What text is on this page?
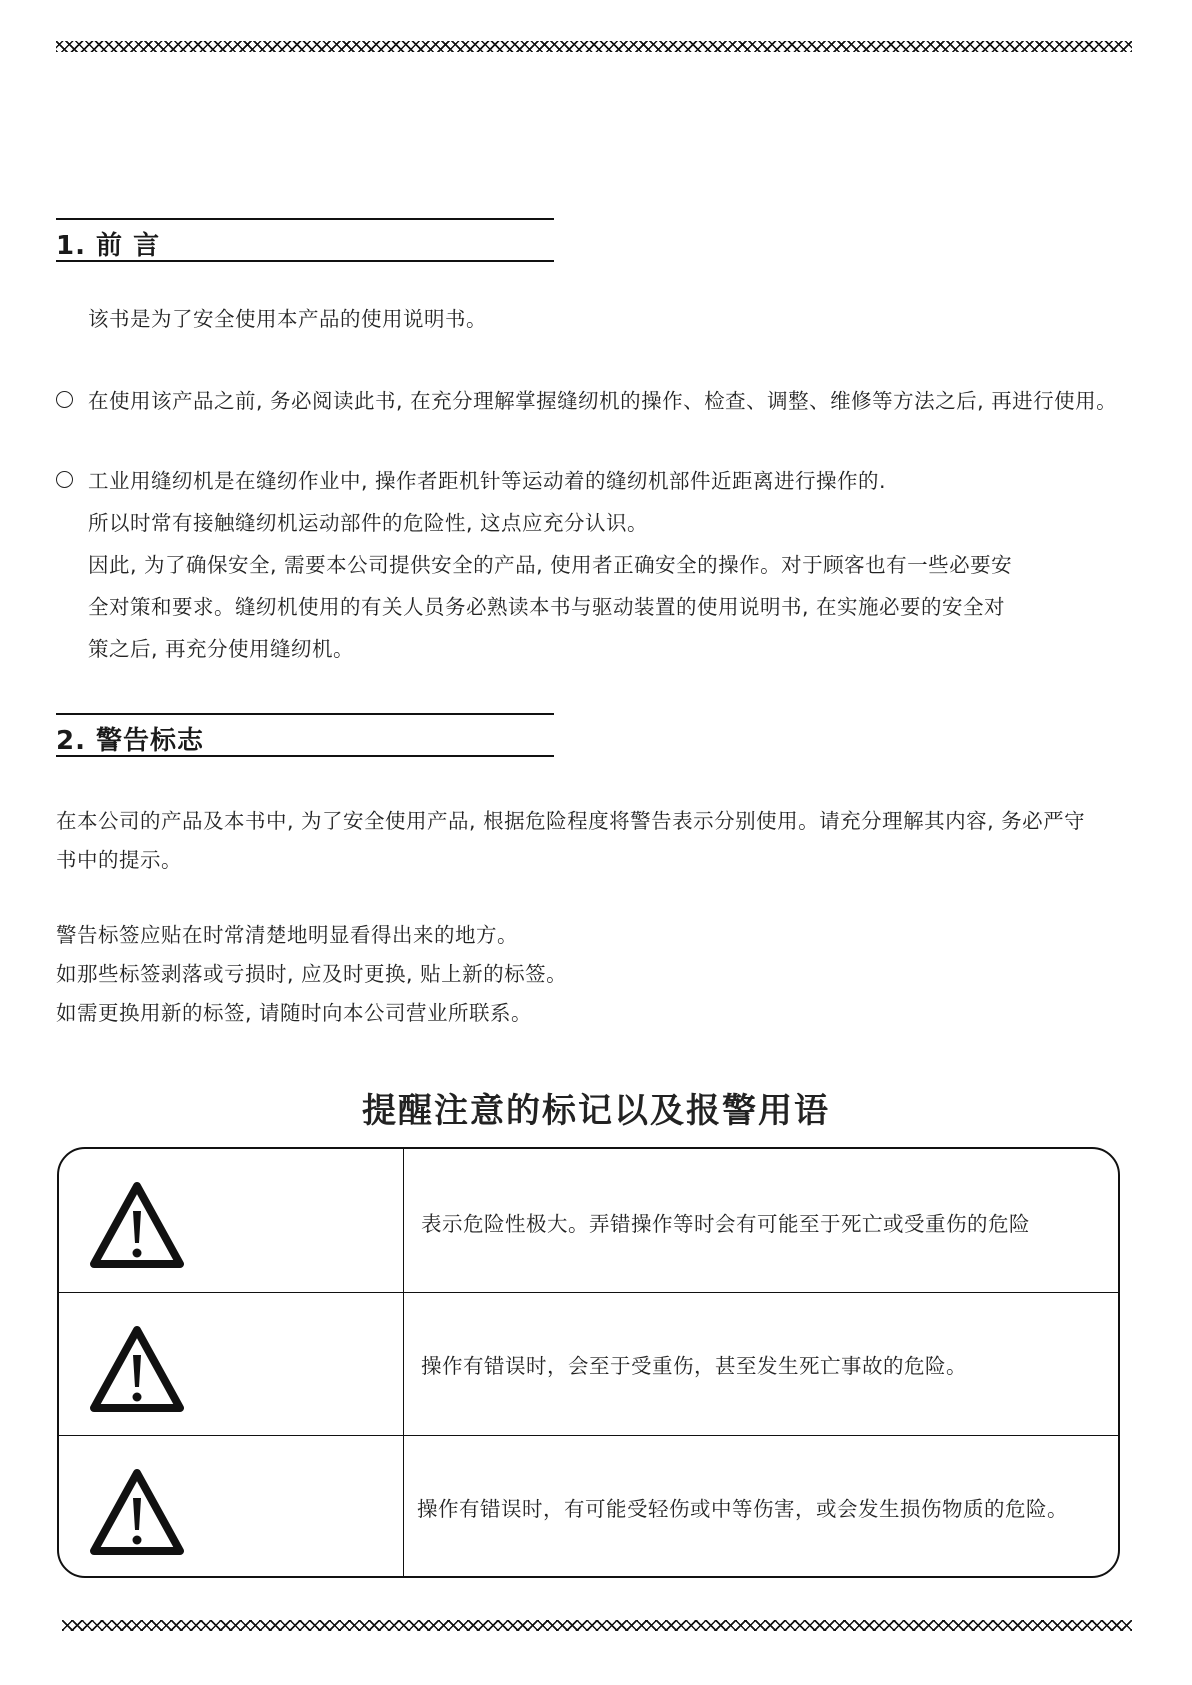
1. 前 言
该书是为了安全使用本产品的使用说明书。
在使用该产品之前, 务必阅读此书, 在充分理解掌握缝纫机的操作、检查、调整、维修等方法之后, 再进行使用。
工业用缝纫机是在缝纫作业中, 操作者距机针等运动着的缝纫机部件近距离进行操作的.
所以时常有接触缝纫机运动部件的危险性, 这点应充分认识。
因此, 为了确保安全, 需要本公司提供安全的产品, 使用者正确安全的操作。对于顾客也有一些必要安
全对策和要求。缝纫机使用的有关人员务必熟读本书与驱动装置的使用说明书, 在实施必要的安全对
策之后, 再充分使用缝纫机。
2. 警告标志
在本公司的产品及本书中, 为了安全使用产品, 根据危险程度将警告表示分别使用。请充分理解其内容, 务必严守
书中的提示。
警告标签应贴在时常清楚地明显看得出来的地方。
如那些标签剥落或亏损时, 应及时更换, 贴上新的标签。
如需更换用新的标签, 请随时向本公司营业所联系。
提醒注意的标记以及报警用语
表示危险性极大。弄错操作等时会有可能至于死亡或受重伤的危险
操作有错误时，会至于受重伤，甚至发生死亡事故的危险。
操作有错误时，有可能受轻伤或中等伤害，或会发生损伤物质的危险。
